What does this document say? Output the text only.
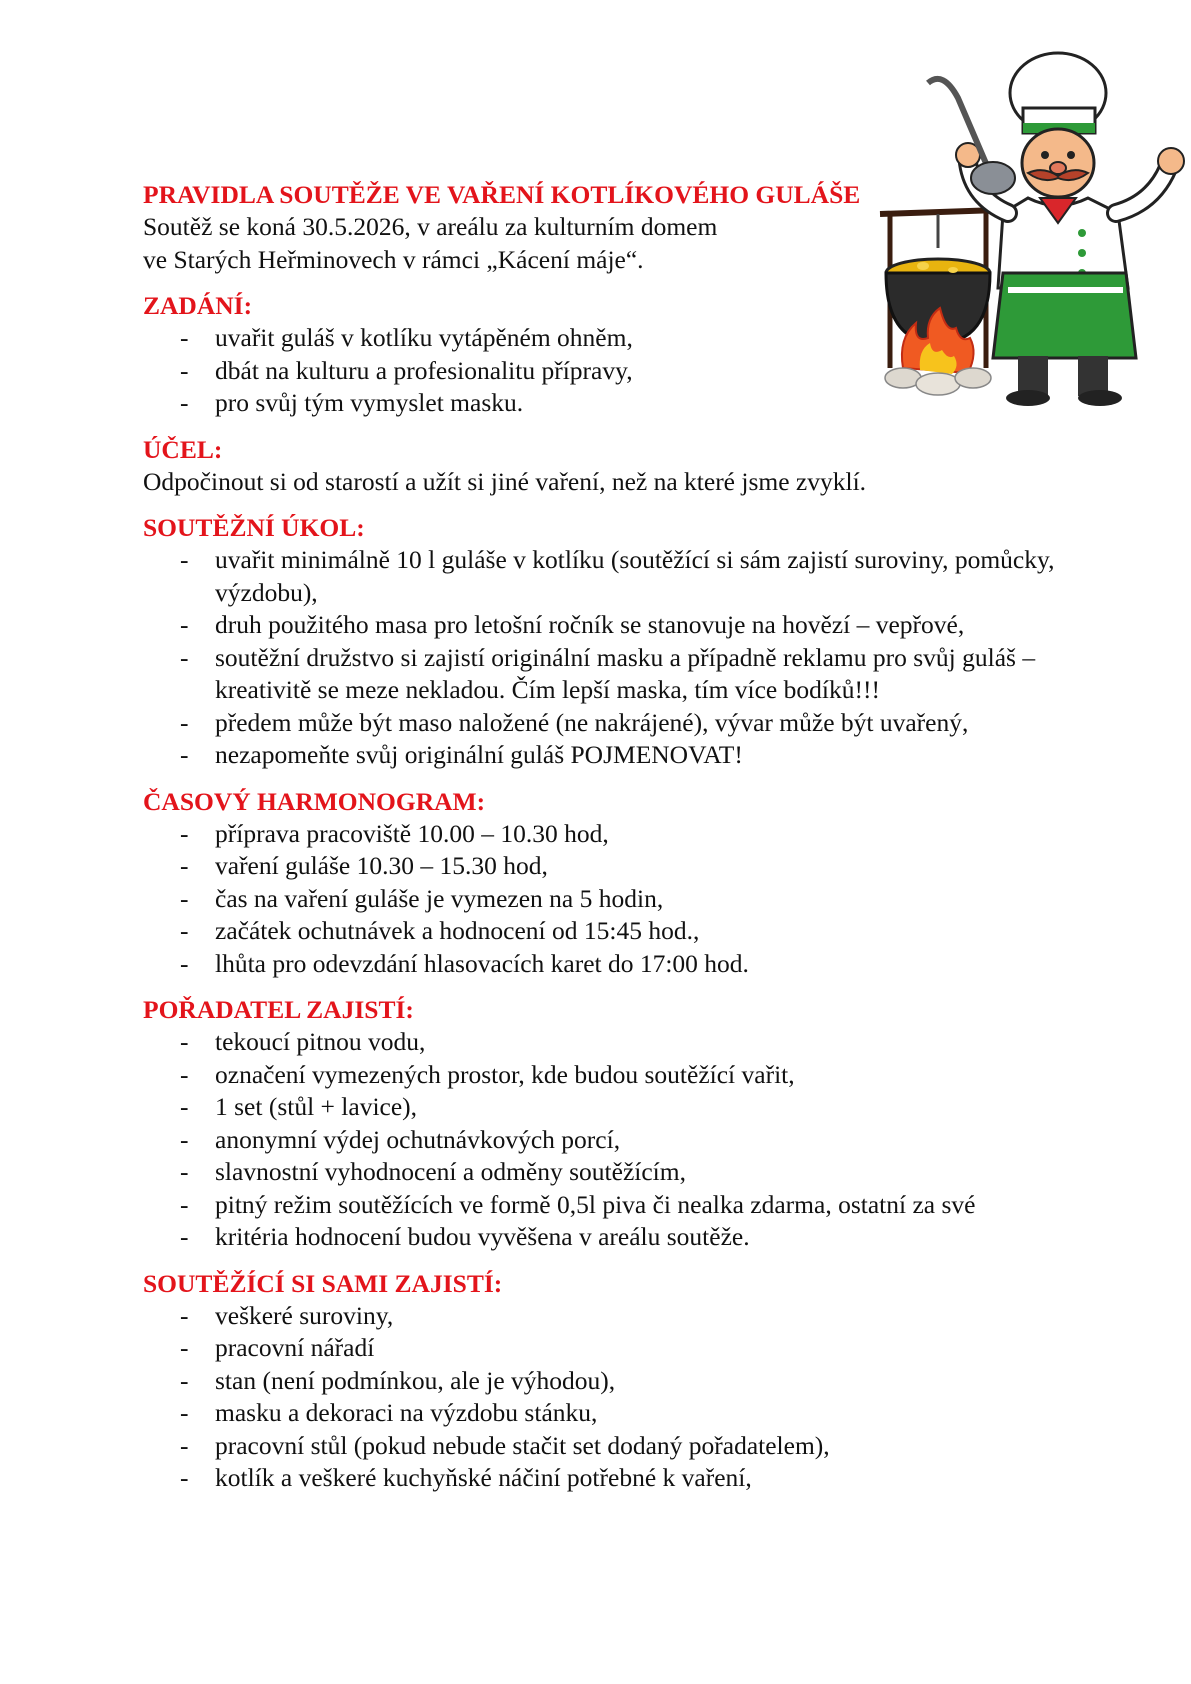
PRAVIDLA SOUTĚŽE VE VAŘENÍ KOTLÍKOVÉHO GULÁŠE

Soutěž se koná 30.5.2026, v areálu za kulturním domem

ve Starých Heřminovech v rámci „Kácení máje“.

ZADÁNÍ:
- uvařit guláš v kotlíku vytápěném ohněm,
- dbát na kulturu a profesionalitu přípravy,
- pro svůj tým vymyslet masku.
ÚČEL:

Odpočinout si od starostí a užít si jiné vaření, než na které jsme zvyklí.

SOUTĚŽNÍ ÚKOL:
- uvařit minimálně 10 l guláše v kotlíku (soutěžící si sám zajistí suroviny, pomůcky, výzdobu),
- druh použitého masa pro letošní ročník se stanovuje na hovězí – vepřové,
- soutěžní družstvo si zajistí originální masku a případně reklamu pro svůj guláš – kreativitě se meze nekladou. Čím lepší maska, tím více bodíků!!!
- předem může být maso naložené (ne nakrájené), vývar může být uvařený,
- nezapomeňte svůj originální guláš POJMENOVAT!
ČASOVÝ HARMONOGRAM:
- příprava pracoviště 10.00 – 10.30 hod,
- vaření guláše 10.30 – 15.30 hod,
- čas na vaření guláše je vymezen na 5 hodin,
- začátek ochutnávek a hodnocení od 15:45 hod.,
- lhůta pro odevzdání hlasovacích karet do 17:00 hod.
POŘADATEL ZAJISTÍ:
- tekoucí pitnou vodu,
- označení vymezených prostor, kde budou soutěžící vařit,
- 1 set (stůl + lavice),
- anonymní výdej ochutnávkových porcí,
- slavnostní vyhodnocení a odměny soutěžícím,
- pitný režim soutěžících ve formě 0,5l piva či nealka zdarma, ostatní za své
- kritéria hodnocení budou vyvěšena v areálu soutěže.
SOUTĚŽÍCÍ SI SAMI ZAJISTÍ:
- veškeré suroviny,
- pracovní nářadí
- stan (není podmínkou, ale je výhodou),
- masku a dekoraci na výzdobu stánku,
- pracovní stůl (pokud nebude stačit set dodaný pořadatelem),
- kotlík a veškeré kuchyňské náčiní potřebné k vaření,
